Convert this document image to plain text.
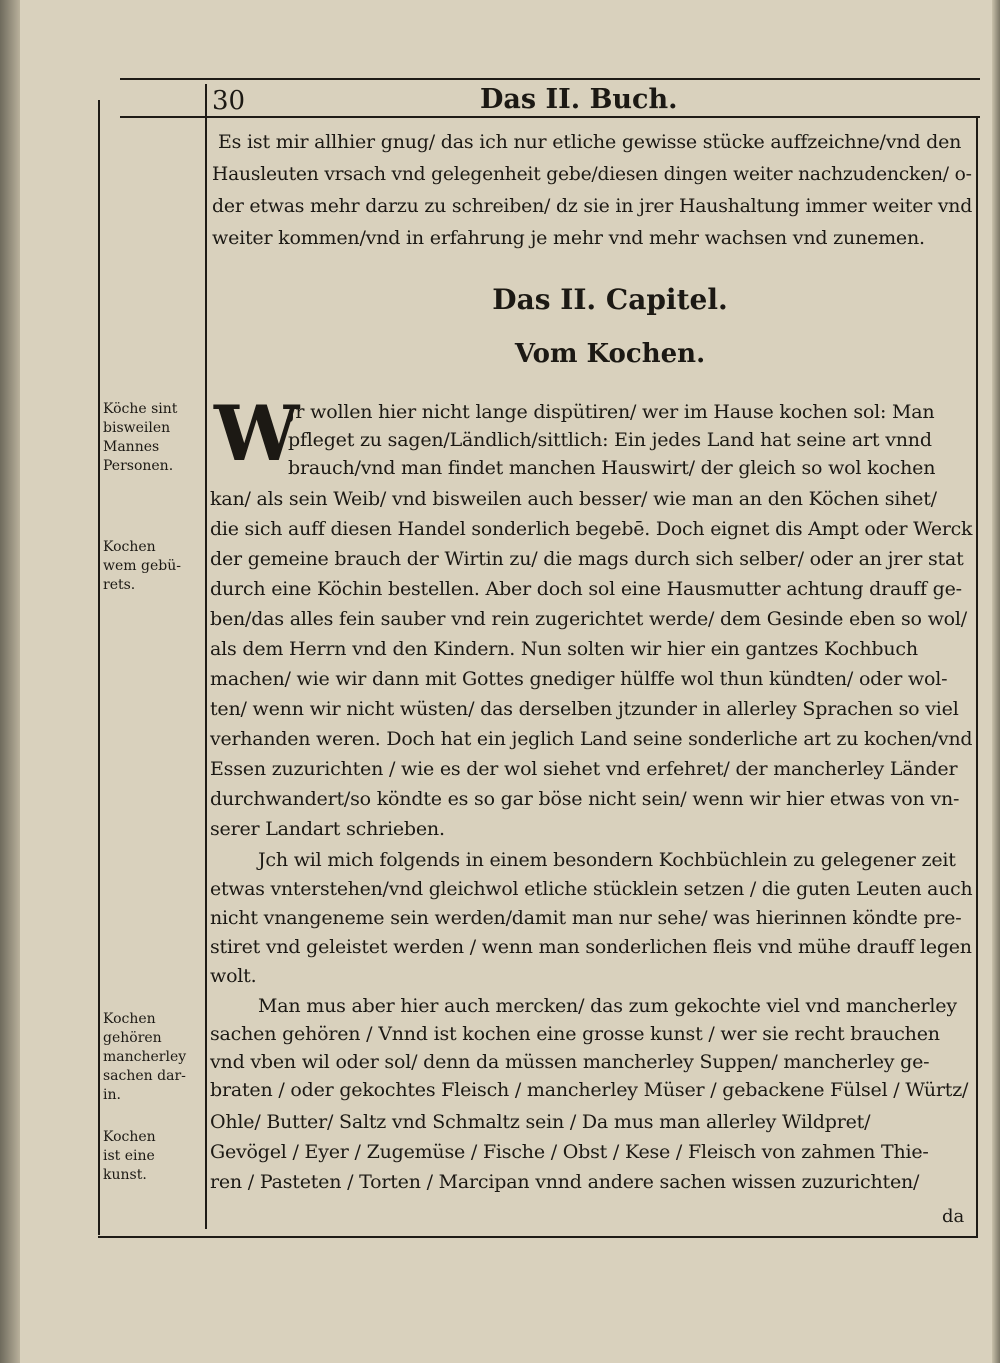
30	Das II. Buch.
Es ist mir allhier gnug/ das ich nur etliche gewisse stücke auffzeichne/vnd den
Hausleuten vrsach vnd gelegenheit gebe/diesen dingen weiter nachzudencken/ o-
der etwas mehr darzu zu schreiben/ dz sie in jrer Haushaltung immer weiter vnd
weiter kommen/vnd in erfahrung je mehr vnd mehr wachsen vnd zunemen.
Das II. Capitel.
Vom Kochen.
W
Jr wollen hier nicht lange dispütiren/ wer im Hause kochen sol: Man
pfleget zu sagen/Ländlich/sittlich: Ein jedes Land hat seine art vnnd
brauch/vnd man findet manchen Hauswirt/ der gleich so wol kochen
kan/ als sein Weib/ vnd bisweilen auch besser/ wie man an den Köchen sihet/
die sich auff diesen Handel sonderlich begebē. Doch eignet dis Ampt oder Werck
der gemeine brauch der Wirtin zu/ die mags durch sich selber/ oder an jrer stat
durch eine Köchin bestellen. Aber doch sol eine Hausmutter achtung drauff ge-
ben/das alles fein sauber vnd rein zugerichtet werde/ dem Gesinde eben so wol/
als dem Herrn vnd den Kindern. Nun solten wir hier ein gantzes Kochbuch
machen/ wie wir dann mit Gottes gnediger hülffe wol thun kündten/ oder wol-
ten/ wenn wir nicht wüsten/ das derselben jtzunder in allerley Sprachen so viel
verhanden weren. Doch hat ein jeglich Land seine sonderliche art zu kochen/vnd
Essen zuzurichten / wie es der wol siehet vnd erfehret/ der mancherley Länder
durchwandert/so köndte es so gar böse nicht sein/ wenn wir hier etwas von vn-
serer Landart schrieben.
Jch wil mich folgends in einem besondern Kochbüchlein zu gelegener zeit
etwas vnterstehen/vnd gleichwol etliche stücklein setzen / die guten Leuten auch
nicht vnangeneme sein werden/damit man nur sehe/ was hierinnen köndte pre-
stiret vnd geleistet werden / wenn man sonderlichen fleis vnd mühe drauff legen
wolt.
Man mus aber hier auch mercken/ das zum gekochte viel vnd mancherley
sachen gehören / Vnnd ist kochen eine grosse kunst / wer sie recht brauchen
vnd vben wil oder sol/ denn da müssen mancherley Suppen/ mancherley ge-
braten / oder gekochtes Fleisch / mancherley Müser / gebackene Fülsel / Würtz/
Ohle/ Butter/ Saltz vnd Schmaltz sein / Da mus man allerley Wildpret/
Gevögel / Eyer / Zugemüse / Fische / Obst / Kese / Fleisch von zahmen Thie-
ren / Pasteten / Torten / Marcipan vnnd andere sachen wissen zuzurichten/
da
Köche sint
bisweilen
Mannes
Personen.
Kochen
wem gebü-
rets.
Kochen
gehören
mancherley
sachen dar-
in.
Kochen
ist eine
kunst.
